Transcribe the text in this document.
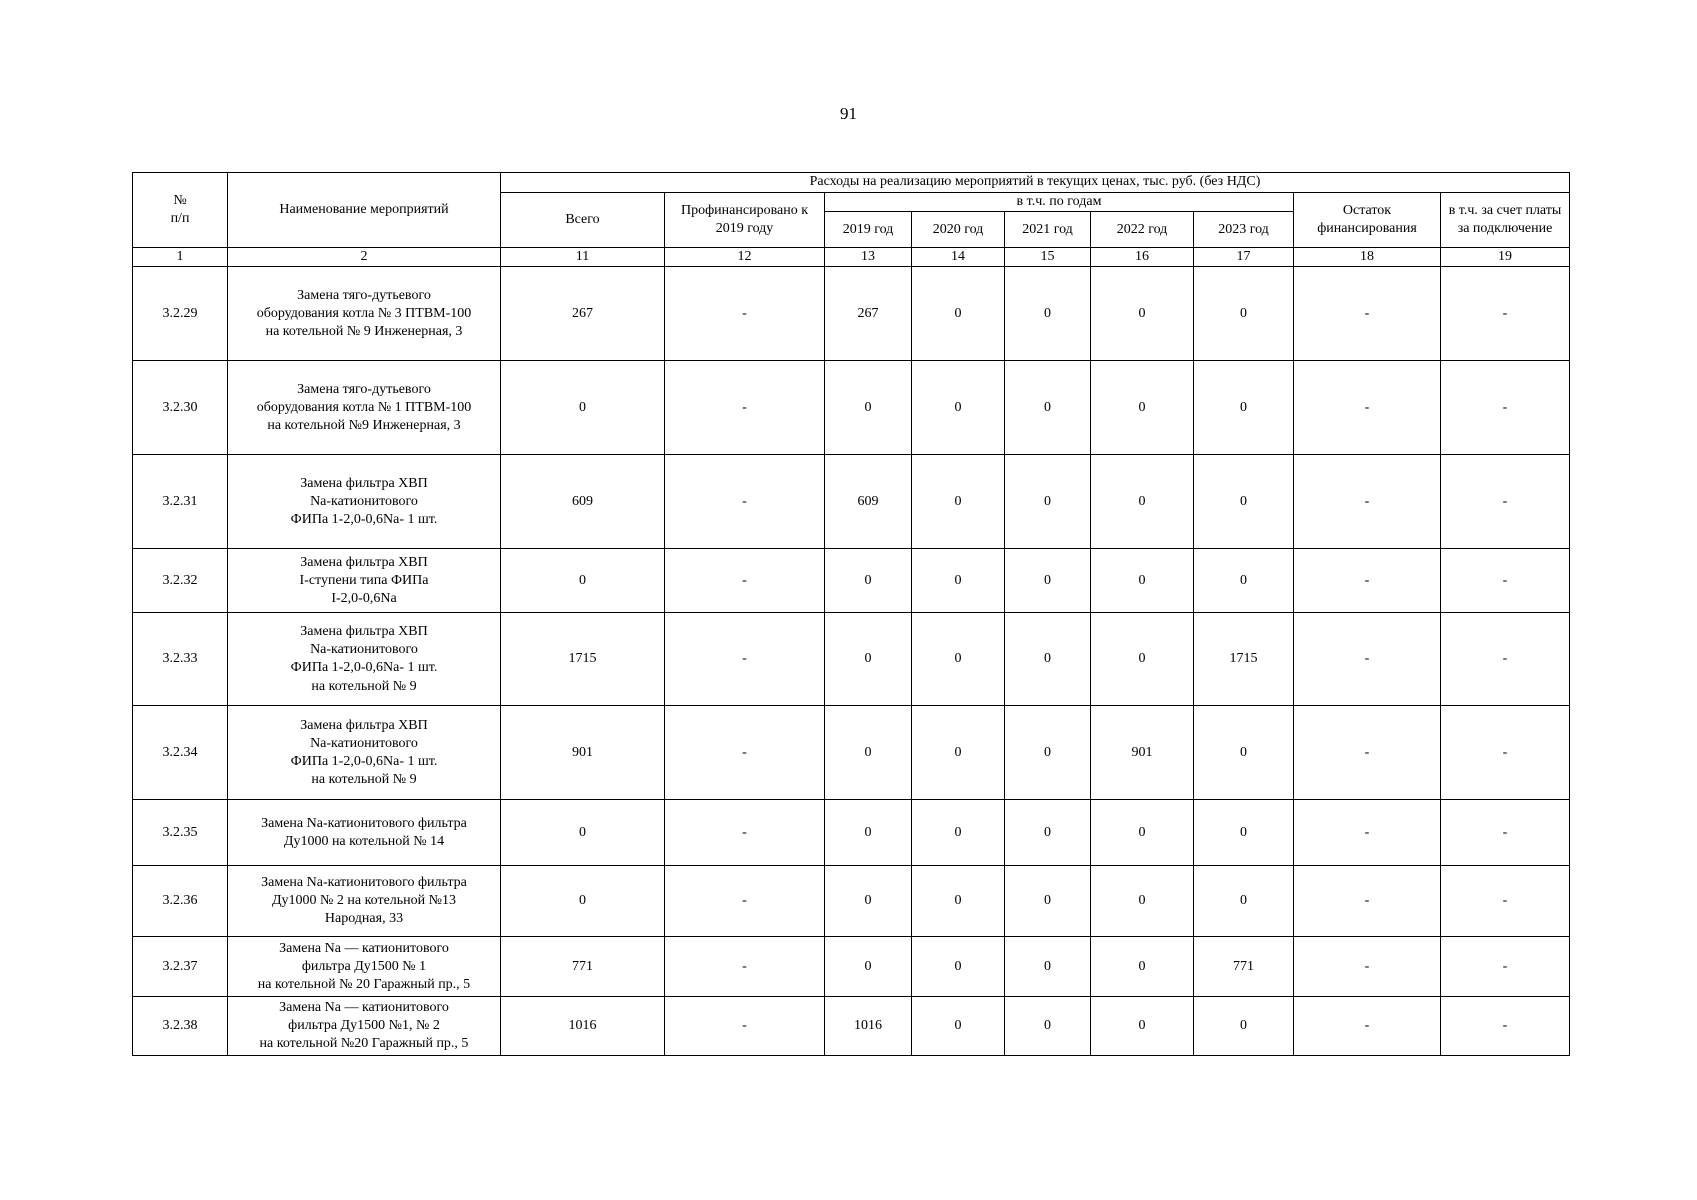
91
№
п/п	Наименование мероприятий	Расходы на реализацию мероприятий в текущих ценах, тыс. руб. (без НДС)								
		Всего	Профинансировано к 2019 году	в т.ч. по годам					Остаток финансирования	в т.ч. за счет платы за подключение
				2019 год	2020 год	2021 год	2022 год	2023 год		
1	2	11	12	13	14	15	16	17	18	19
3.2.29	Замена тяго-дутьевого
оборудования котла № 3 ПТВМ-100
на котельной № 9 Инженерная, 3	267	-	267	0	0	0	0	-	-
3.2.30	Замена тяго-дутьевого
оборудования котла № 1 ПТВМ-100
на котельной №9 Инженерная, 3	0	-	0	0	0	0	0	-	-
3.2.31	Замена фильтра ХВП
Na-катионитового
ФИПа 1-2,0-0,6Na- 1 шт.	609	-	609	0	0	0	0	-	-
3.2.32	Замена фильтра ХВП
I-ступени типа ФИПа
I-2,0-0,6Na	0	-	0	0	0	0	0	-	-
3.2.33	Замена фильтра ХВП
Na-катионитового
ФИПа 1-2,0-0,6Na- 1 шт.
на котельной № 9	1715	-	0	0	0	0	1715	-	-
3.2.34	Замена фильтра ХВП
Na-катионитового
ФИПа 1-2,0-0,6Na- 1 шт.
на котельной № 9	901	-	0	0	0	901	0	-	-
3.2.35	Замена Na-катионитового фильтра
Ду1000 на котельной № 14	0	-	0	0	0	0	0	-	-
3.2.36	Замена Na-катионитового фильтра
Ду1000 № 2 на котельной №13
Народная, 33	0	-	0	0	0	0	0	-	-
3.2.37	Замена Na — катионитового
фильтра Ду1500 № 1
на котельной № 20 Гаражный пр., 5	771	-	0	0	0	0	771	-	-
3.2.38	Замена Na — катионитового
фильтра Ду1500 №1, № 2
на котельной №20 Гаражный пр., 5	1016	-	1016	0	0	0	0	-	-
